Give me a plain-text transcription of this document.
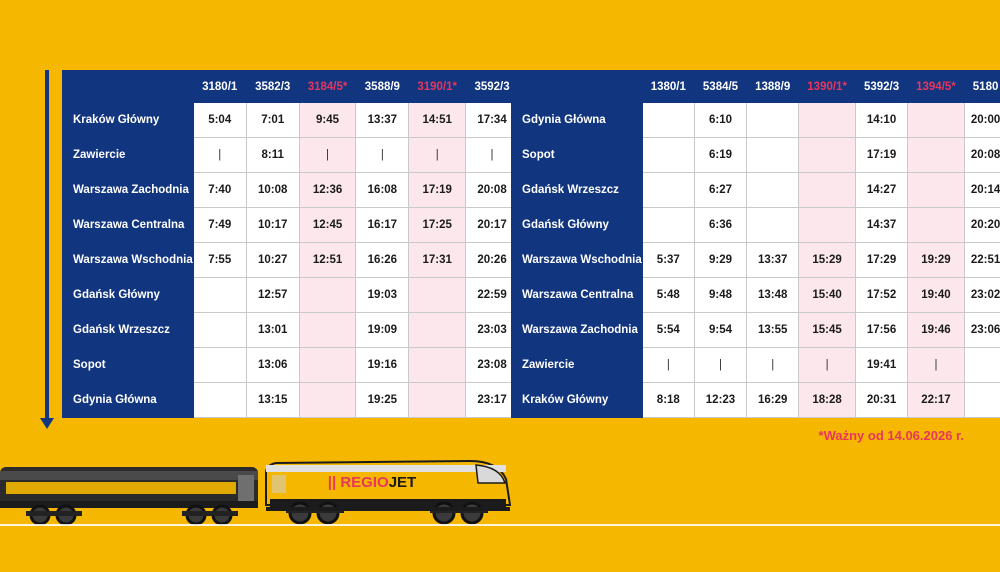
	3180/1	3582/3	3184/5*	3588/9	3190/1*	3592/3
Kraków Główny	5:04	7:01	9:45	13:37	14:51	17:34
Zawiercie	|	8:11	|	|	|	|
Warszawa Zachodnia	7:40	10:08	12:36	16:08	17:19	20:08
Warszawa Centralna	7:49	10:17	12:45	16:17	17:25	20:17
Warszawa Wschodnia	7:55	10:27	12:51	16:26	17:31	20:26
Gdańsk Główny		12:57		19:03		22:59
Gdańsk Wrzeszcz		13:01		19:09		23:03
Sopot		13:06		19:16		23:08
Gdynia Główna		13:15		19:25		23:17
	1380/1	5384/5	1388/9	1390/1*	5392/3	1394/5*	5180
Gdynia Główna		6:10			14:10		20:00
Sopot		6:19			17:19		20:08
Gdańsk Wrzeszcz		6:27			14:27		20:14
Gdańsk Główny		6:36			14:37		20:20
Warszawa Wschodnia	5:37	9:29	13:37	15:29	17:29	19:29	22:51
Warszawa Centralna	5:48	9:48	13:48	15:40	17:52	19:40	23:02
Warszawa Zachodnia	5:54	9:54	13:55	15:45	17:56	19:46	23:06
Zawiercie	|	|	|	|	19:41	|	
Kraków Główny	8:18	12:23	16:29	18:28	20:31	22:17	
*Ważny od 14.06.2026 r.
|| REGIOJET
